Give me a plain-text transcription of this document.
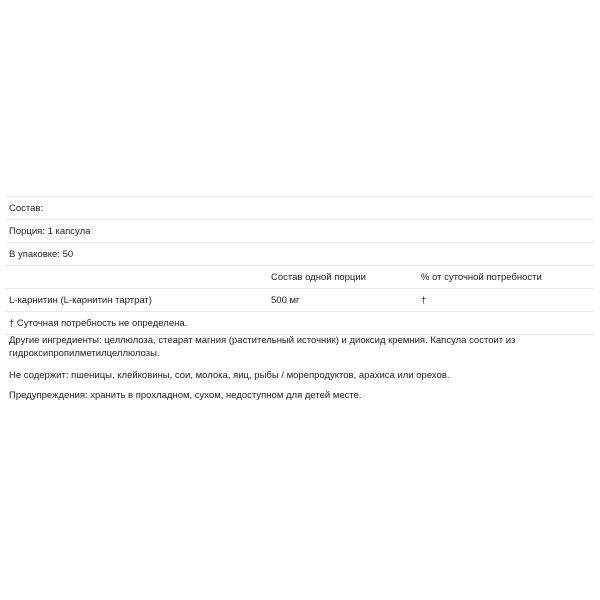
Состав:		
Порция: 1 капсула		
В упаковке: 50		
	Состав одной порции	% от суточной потребности
L-карнитин (L-карнитин тартрат)	500 мг	†
† Суточная потребность не определена.		
Другие ингредиенты: целлюлоза, стеарат магния (растительный источник) и диоксид кремния. Капсула состоит из гидроксипропилметилцеллюлозы.
Не содержит: пшеницы, клейковины, сои, молока, яиц, рыбы / морепродуктов, арахиса или орехов.
Предупреждения: хранить в прохладном, сухом, недоступном для детей месте.
